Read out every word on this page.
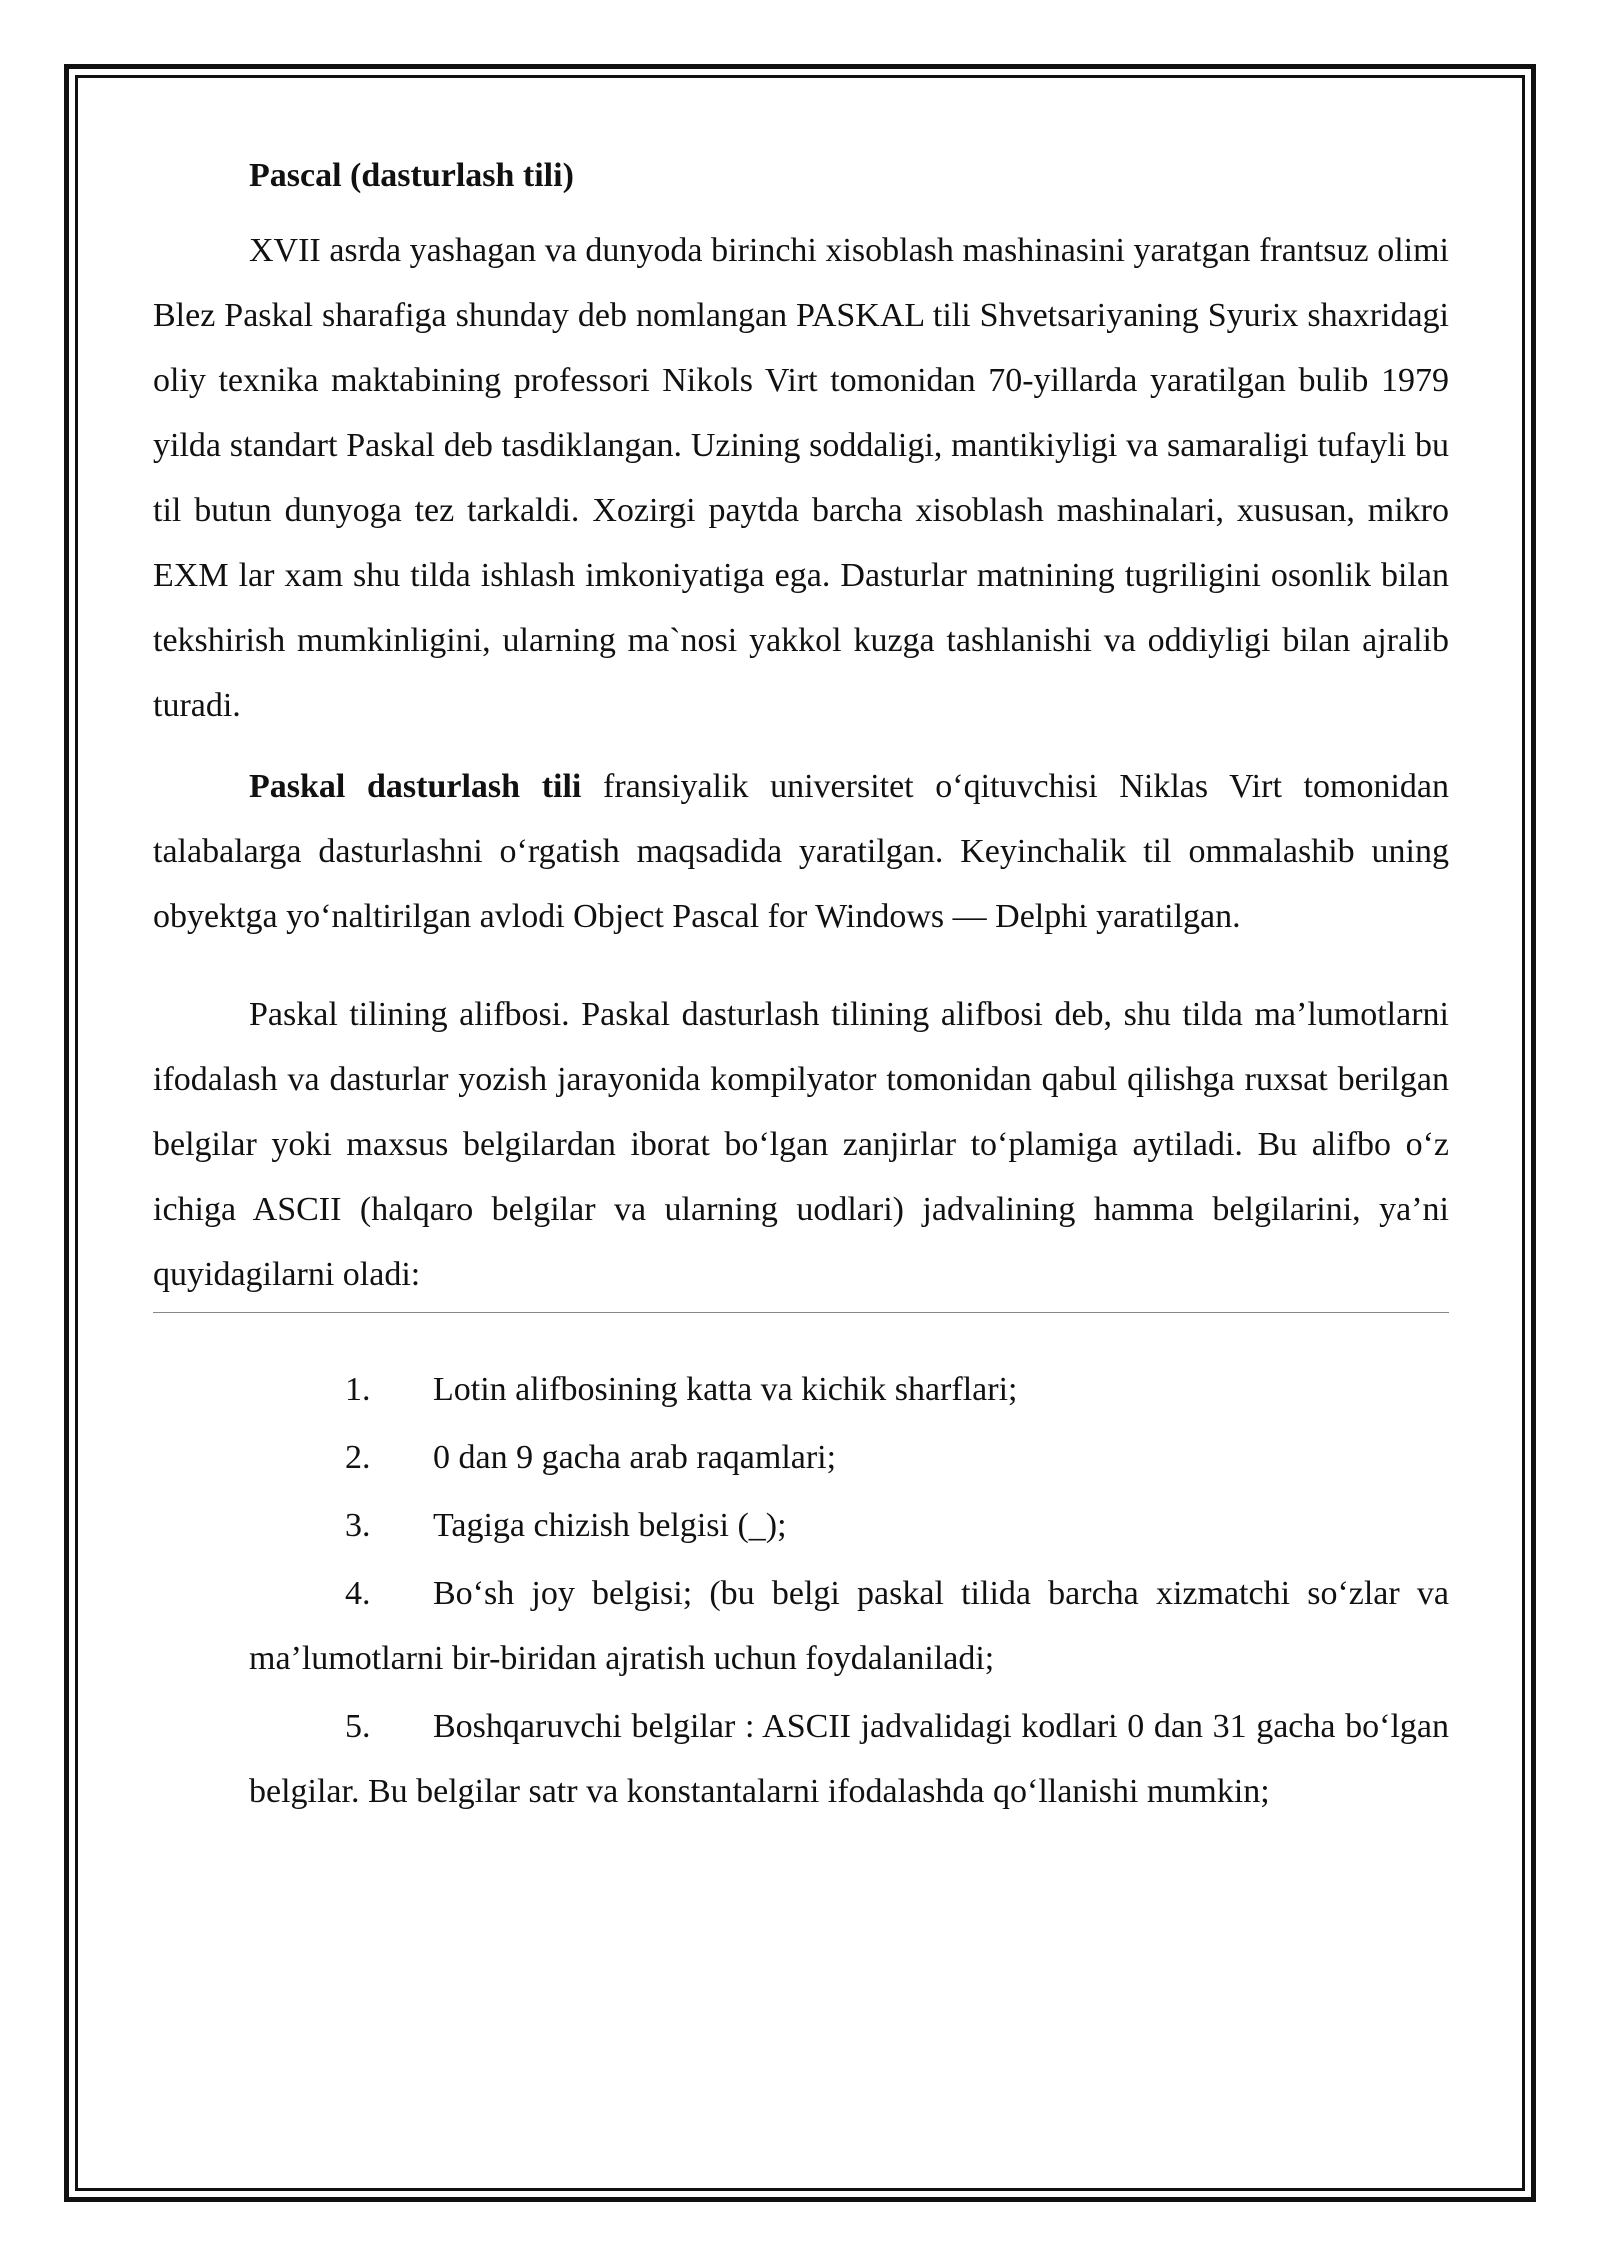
Pascal (dasturlash tili)

XVII asrda yashagan va dunyoda birinchi xisoblash mashinasini yaratgan frantsuz olimi Blez Paskal sharafiga shunday deb nomlangan PASKAL tili Shvetsariyaning Syurix shaxridagi oliy texnika maktabining professori Nikols Virt tomonidan 70-yillarda yaratilgan bulib 1979 yilda standart Paskal deb tasdiklangan. Uzining soddaligi, mantikiyligi va samaraligi tufayli bu til butun dunyoga tez tarkaldi. Xozirgi paytda barcha xisoblash mashinalari, xususan, mikro EXM lar xam shu tilda ishlash imkoniyatiga ega. Dasturlar matnining tugriligini osonlik bilan tekshirish mumkinligini, ularning ma`nosi yakkol kuzga tashlanishi va oddiyligi bilan ajralib turadi.

Paskal dasturlash tili fransiyalik universitet o‘qituvchisi Niklas Virt tomonidan talabalarga dasturlashni o‘rgatish maqsadida yaratilgan. Keyinchalik til ommalashib uning obyektga yo‘naltirilgan avlodi Object Pascal for Windows — Delphi yaratilgan.

Paskal tilining alifbosi. Paskal dasturlash tilining alifbosi deb, shu tilda ma’lumotlarni ifodalash va dasturlar yozish jarayonida kompilyator tomonidan qabul qilishga ruxsat berilgan belgilar yoki maxsus belgilardan iborat bo‘lgan zanjirlar to‘plamiga aytiladi. Bu alifbo o‘z ichiga ASCII (halqaro belgilar va ularning uodlari) jadvalining hamma belgilarini, ya’ni quyidagilarni oladi:

1. Lotin alifbosining katta va kichik sharflari;
2. 0 dan 9 gacha arab raqamlari;
3. Tagiga chizish belgisi (_);
4. Bo‘sh joy belgisi; (bu belgi paskal tilida barcha xizmatchi so‘zlar va ma’lumotlarni bir-biridan ajratish uchun foydalaniladi;
5. Boshqaruvchi belgilar : ASCII jadvalidagi kodlari 0 dan 31 gacha bo‘lgan belgilar. Bu belgilar satr va konstantalarni ifodalashda qo‘llanishi mumkin;
